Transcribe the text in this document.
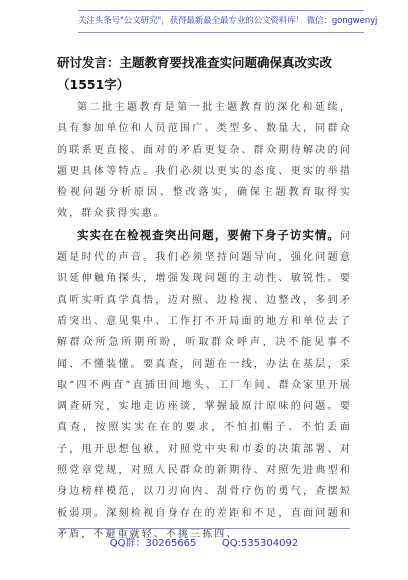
关注头条号"公文研究"，获得最新最全最专业的公文资料库！ 微信：gongwenyj
研讨发言：主题教育要找准查实问题确保真改实改（1551字）

第二批主题教育是第一批主题教育的深化和延续，具有参加单位和人员范围广、类型多、数量大，同群众的联系更直接、面对的矛盾更复杂、群众期待解决的问题更具体等特点。我们必须以更实的态度、更实的举措检视问题分析原因、整改落实，确保主题教育取得实效，群众获得实惠。

实实在在检视查突出问题，要俯下身子访实情。问题是时代的声音。我们必须坚持问题导向，强化问题意识延伸触角探头，增强发现问题的主动性、敏锐性。要真听实听真学真悟，迈对照、边检视、边整改，多到矛盾突出、意见集中、工作打不开局面的地方和单位去了解群众所急所期所盼，听取群众呼声，决不能见事不闻、不懂装懂。要真查，问题在一线，办法在基层，采取“四不两直”直插田间地头、工厂车间、群众家里开展调查研究，实地走访座谈，掌握最原汁原味的问题。要真查，按照实实在在的要求，不怕扣帽子、不怕丢面子，甩开思想包袱，对照党中央和市委的决策部署、对照党章党规，对照人民群众的新期待、对照先进典型和身边榜样模范，以刀刃向内、刮骨疗伤的勇气，查摆短板弱项。深刻检视自身存在的差距和不足，直面问题和矛盾，不避重就轻、不挑三拣四、

QQ群：30265665	QQ:535304092
